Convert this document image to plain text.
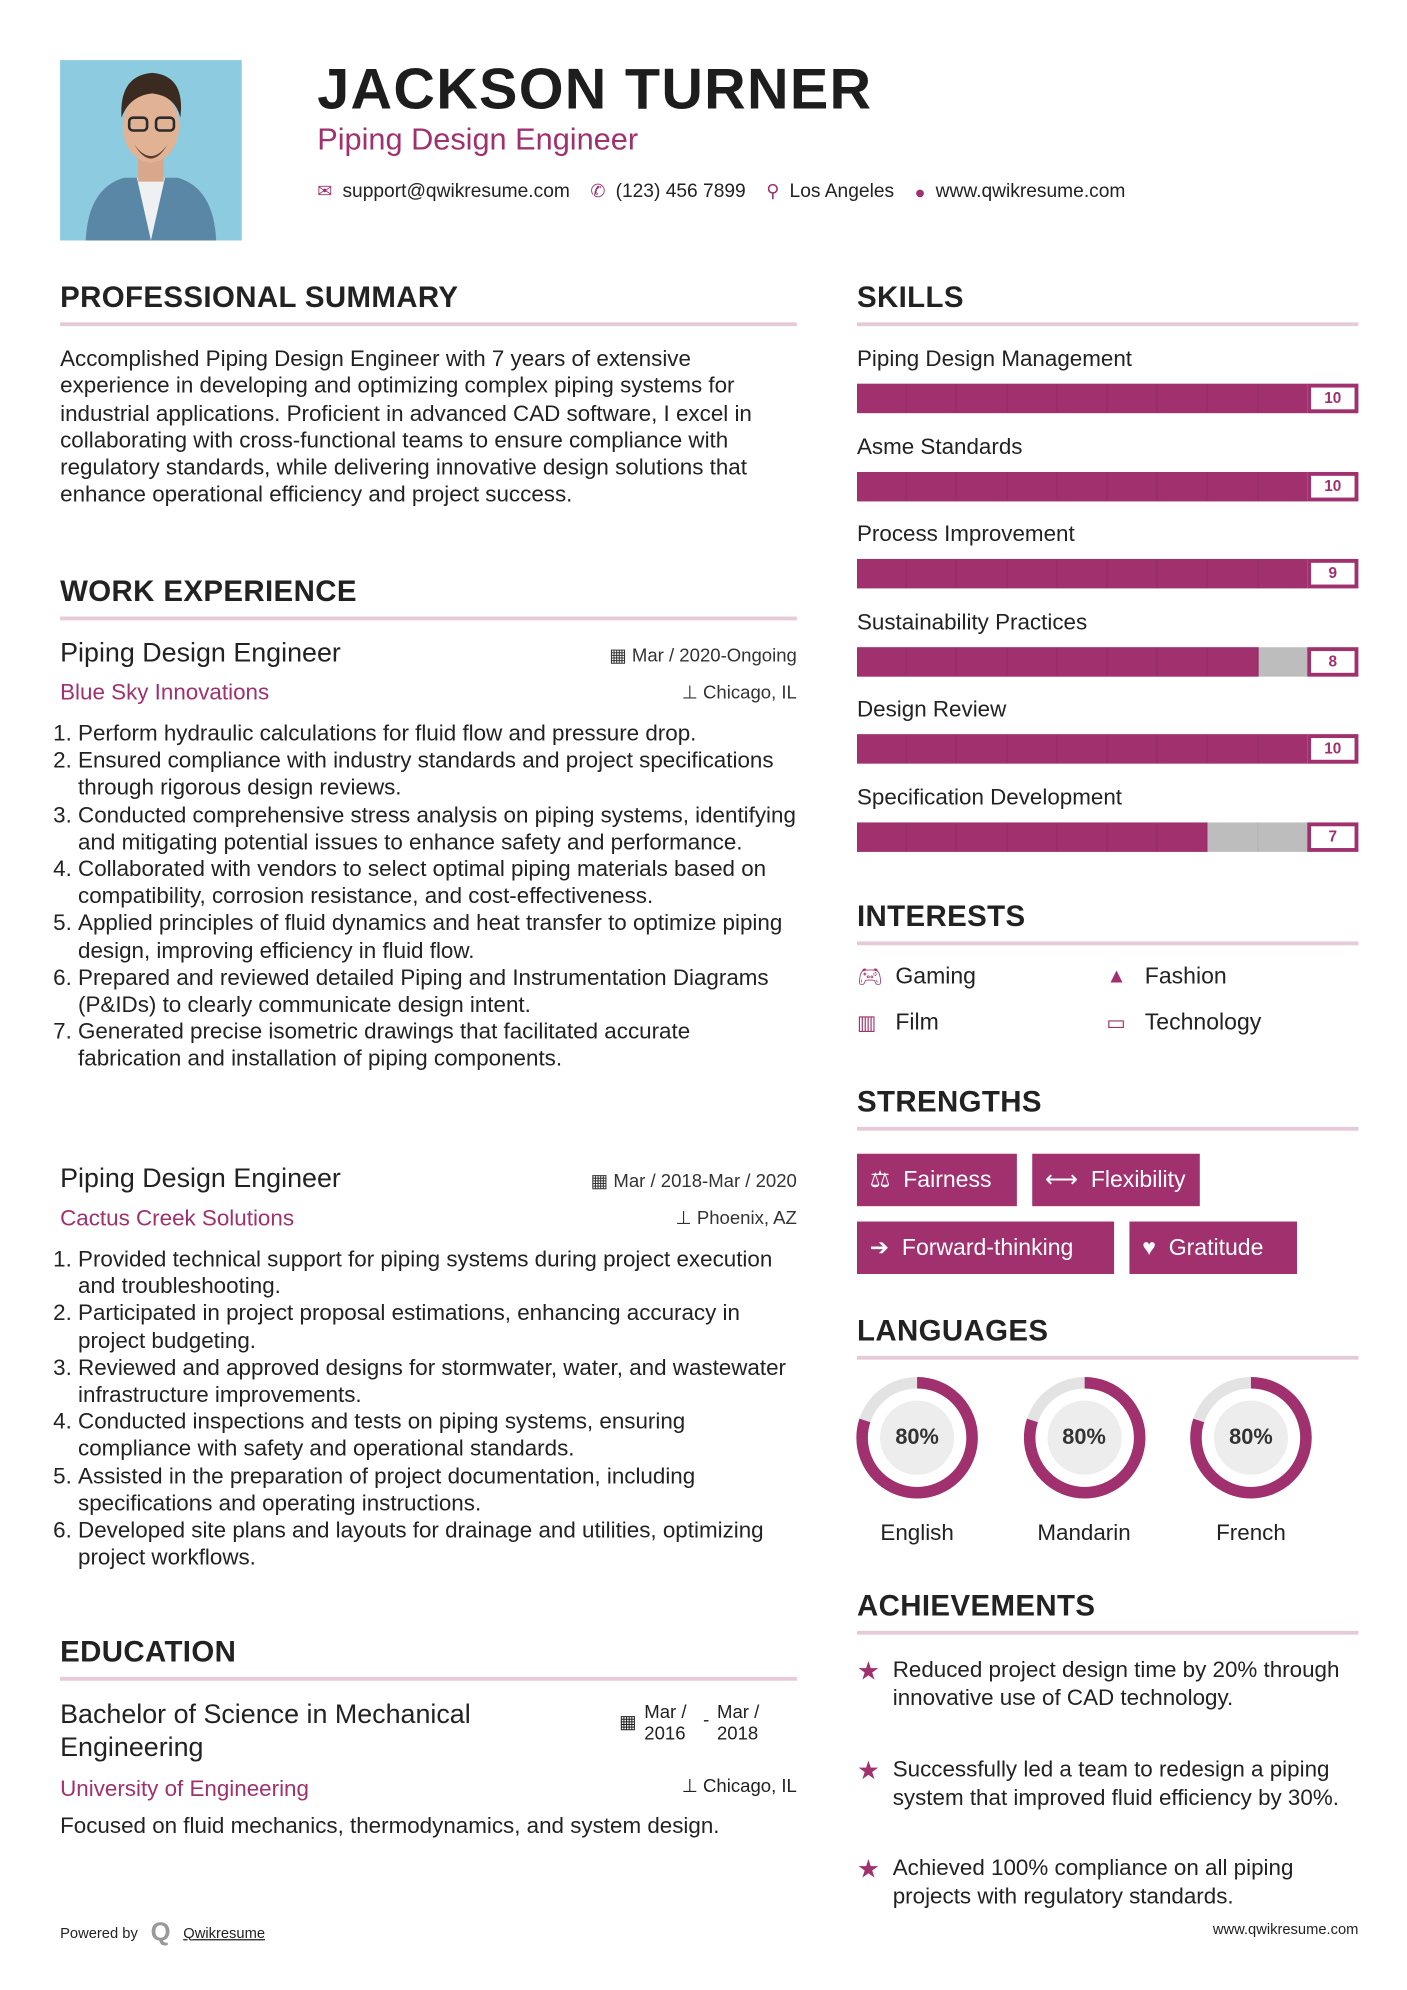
JACKSON TURNER
Piping Design Engineer
✉ support@qwikresume.com ✆ (123) 456 7899 ⚲ Los Angeles ● www.qwikresume.com
PROFESSIONAL SUMMARY
Accomplished Piping Design Engineer with 7 years of extensive experience in developing and optimizing complex piping systems for industrial applications. Proficient in advanced CAD software, I excel in collaborating with cross-functional teams to ensure compliance with regulatory standards, while delivering innovative design solutions that enhance operational efficiency and project success.
WORK EXPERIENCE
Piping Design Engineer	▦ Mar / 2020-Ongoing
Blue Sky Innovations	⊥ Chicago, IL
1. Perform hydraulic calculations for fluid flow and pressure drop.
2. Ensured compliance with industry standards and project specifications through rigorous design reviews.
3. Conducted comprehensive stress analysis on piping systems, identifying and mitigating potential issues to enhance safety and performance.
4. Collaborated with vendors to select optimal piping materials based on compatibility, corrosion resistance, and cost-effectiveness.
5. Applied principles of fluid dynamics and heat transfer to optimize piping design, improving efficiency in fluid flow.
6. Prepared and reviewed detailed Piping and Instrumentation Diagrams (P&IDs) to clearly communicate design intent.
7. Generated precise isometric drawings that facilitated accurate fabrication and installation of piping components.
Piping Design Engineer	▦ Mar / 2018-Mar / 2020
Cactus Creek Solutions	⊥ Phoenix, AZ
1. Provided technical support for piping systems during project execution and troubleshooting.
2. Participated in project proposal estimations, enhancing accuracy in project budgeting.
3. Reviewed and approved designs for stormwater, water, and wastewater infrastructure improvements.
4. Conducted inspections and tests on piping systems, ensuring compliance with safety and operational standards.
5. Assisted in the preparation of project documentation, including specifications and operating instructions.
6. Developed site plans and layouts for drainage and utilities, optimizing project workflows.
EDUCATION
Bachelor of Science in Mechanical Engineering
▦ Mar / 2016
- Mar / 2018
University of Engineering	⊥ Chicago, IL
Focused on fluid mechanics, thermodynamics, and system design.
SKILLS
Piping Design Management
10
Asme Standards
10
Process Improvement
9
Sustainability Practices
8
Design Review
10
Specification Development
7
INTERESTS
🎮︎ Gaming	▲ Fashion
▥	Film	▭	Technology
STRENGTHS
⚖ Fairness	⟷ Flexibility
➔ Forward-thinking	♥ Gratitude
LANGUAGES
80%
English
80%
Mandarin
80%
French
ACHIEVEMENTS
★ Reduced project design time by 20% through innovative use of CAD technology.
★ Successfully led a team to redesign a piping system that improved fluid efficiency by 30%.
★ Achieved 100% compliance on all piping projects with regulatory standards.
Powered by Q Qwikresume	www.qwikresume.com
